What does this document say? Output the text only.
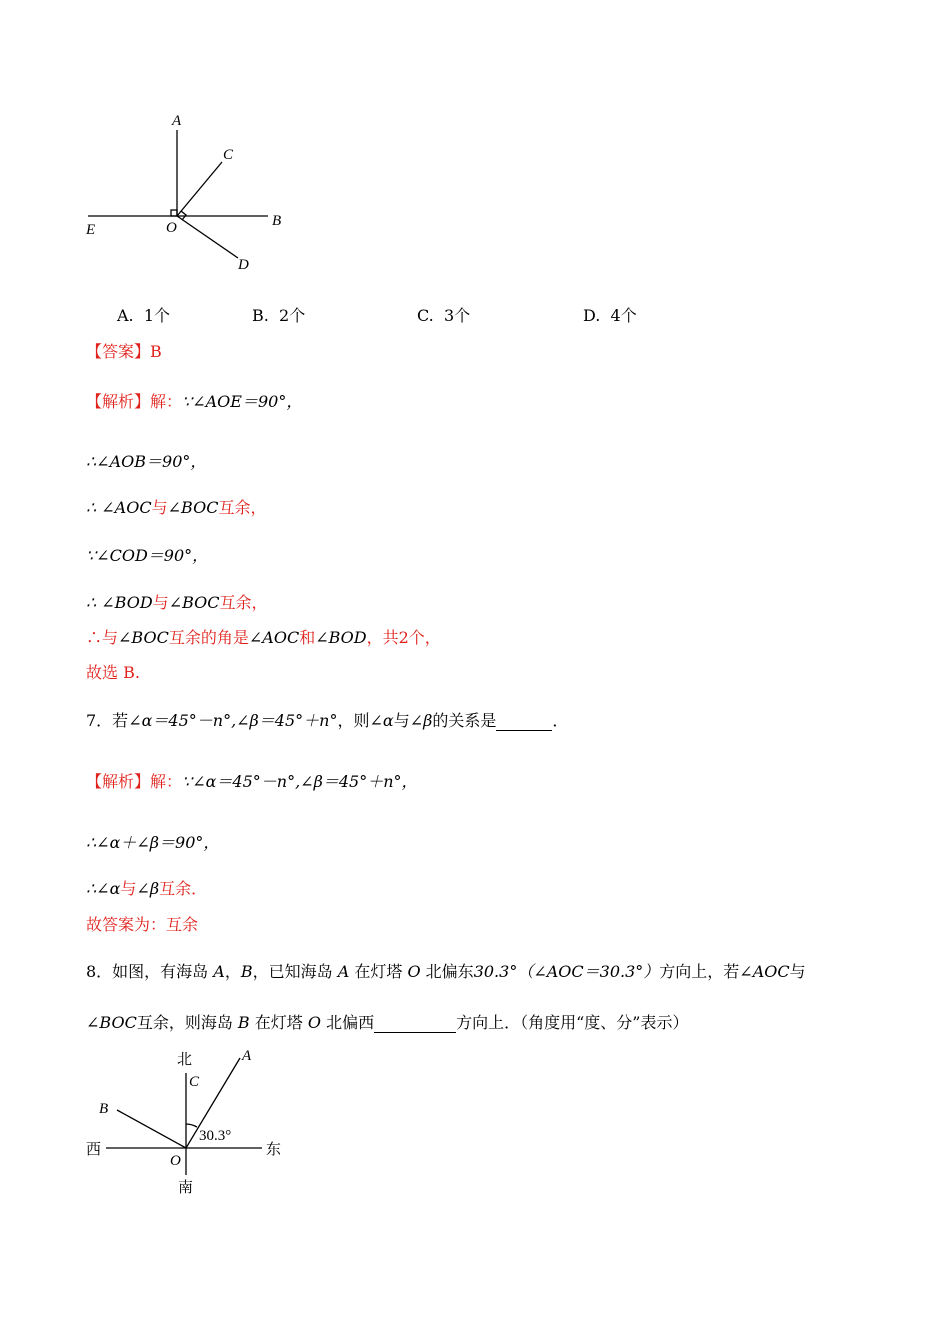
A
C
B
E	O
D
A. 1个	B. 2个	C. 3个	D. 4个
【答案】B
【解析】解：∵∠AOE＝90°，
∴∠AOB＝90°，
∴ ∠AOC与∠BOC互余，
∵∠COD＝90°，
∴ ∠BOD与∠BOC互余，
∴与∠BOC互余的角是∠AOC和∠BOD，共2个，
故选 B.
7．若∠α＝45°－n°,∠β＝45°＋n°，则∠α与∠β的关系是	．
【解析】解：∵∠α＝45°－n°,∠β＝45°＋n°，
∴∠α＋∠β＝90°，
∴∠α与∠β互余．
故答案为：互余
8．如图，有海岛 A，B，已知海岛 A 在灯塔 O 北偏东30.3°（∠AOC＝30.3°）方向上，若∠AOC与
∠BOC互余，则海岛 B 在灯塔 O 北偏西	方向上．（角度用“度、分”表示）
北	A
C
B
30.3°
西	东
O
南
